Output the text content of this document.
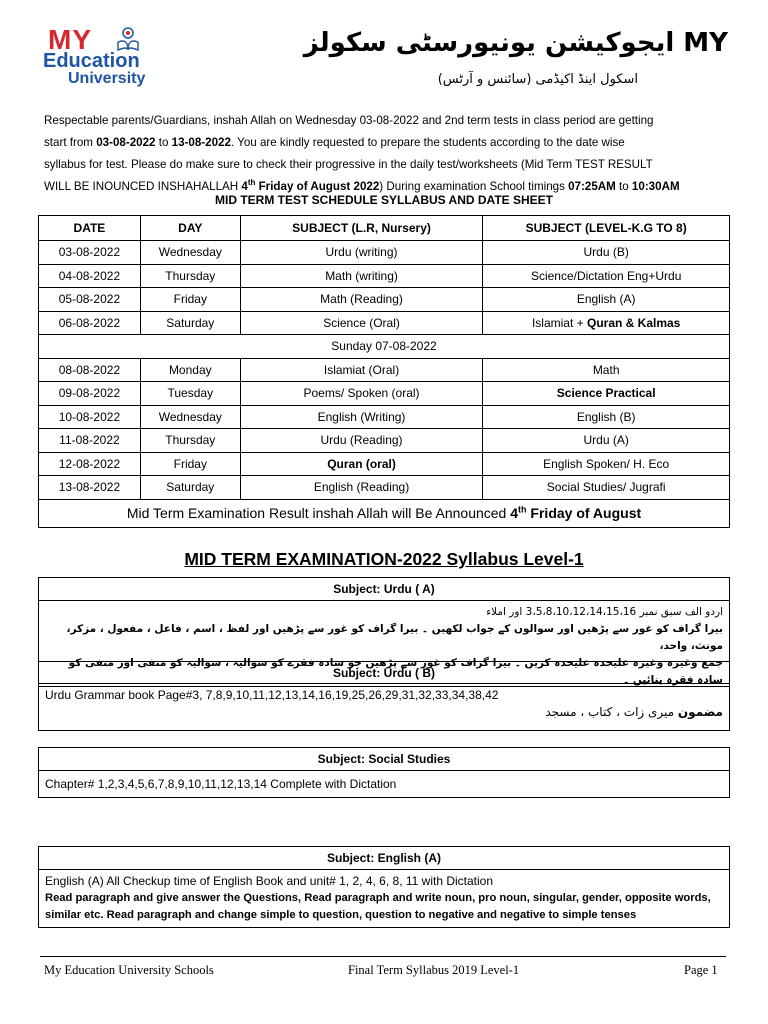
MY
Education
University
MY ایجوکیشن یونیورسٹی سکولز
اسکول اینڈ اکیڈمی (سائنس و آرٹس)
Respectable parents/Guardians, inshah Allah on Wednesday 03-08-2022 and 2nd term tests in class period are getting
start from 03-08-2022 to 13-08-2022. You are kindly requested to prepare the students according to the date wise
syllabus for test. Please do make sure to check their progressive in the daily test/worksheets (Mid Term TEST RESULT
WILL BE INOUNCED INSHAHALLAH 4th Friday of August 2022) During examination School timings 07:25AM to 10:30AM
MID TERM TEST SCHEDULE SYLLABUS AND DATE SHEET
DATE	DAY	SUBJECT (L.R, Nursery)	SUBJECT (LEVEL-K.G TO 8)
03-08-2022	Wednesday	Urdu (writing)	Urdu (B)
04-08-2022	Thursday	Math (writing)	Science/Dictation Eng+Urdu
05-08-2022	Friday	Math (Reading)	English (A)
06-08-2022	Saturday	Science (Oral)	Islamiat + Quran & Kalmas
Sunday 07-08-2022			
08-08-2022	Monday	Islamiat (Oral)	Math
09-08-2022	Tuesday	Poems/ Spoken (oral)	Science Practical
10-08-2022	Wednesday	English (Writing)	English (B)
11-08-2022	Thursday	Urdu (Reading)	Urdu (A)
12-08-2022	Friday	Quran (oral)	English Spoken/ H. Eco
13-08-2022	Saturday	English (Reading)	Social Studies/ Jugrafi
Mid Term Examination Result inshah Allah will Be Announced 4th Friday of August			
MID TERM EXAMINATION-2022 Syllabus Level-1
Subject: Urdu ( A)
اردو الف سبق نمبر 3،5،8،10،12،14،15،16 اور املاء
بیرا گراف کو غور سے پڑھیں اور سوالوں کے جواب لکھیں ۔ بیرا گراف کو غور سے پڑھیں اور لفظ ، اسم ، فاعل ، مفعول ، مزکر، مونث، واحد،
جمع وغیرہ وغیرہ علیحدہ علیحدہ کریں ۔ بیرا گراف کو غور سے پڑھیں جو سادہ فقرے کو سوالیہ ، سوالیہ کو منفی اور منفی کو سادہ فقرہ بنائیں ۔
Subject: Urdu ( B)
Urdu Grammar book Page#3, 7,8,9,10,11,12,13,14,16,19,25,26,29,31,32,33,34,38,42
مضمون میری زات ، کتاب ، مسجد
Subject: Social Studies
Chapter# 1,2,3,4,5,6,7,8,9,10,11,12,13,14 Complete with Dictation
Subject: English (A)
English (A) All Checkup time of English Book and unit# 1, 2, 4, 6, 8, 11 with Dictation
Read paragraph and give answer the Questions, Read paragraph and write noun, pro noun, singular, gender, opposite words, similar etc. Read paragraph and change simple to question, question to negative and negative to simple tenses
My Education University Schools	Final Term Syllabus 2019 Level-1	Page 1
